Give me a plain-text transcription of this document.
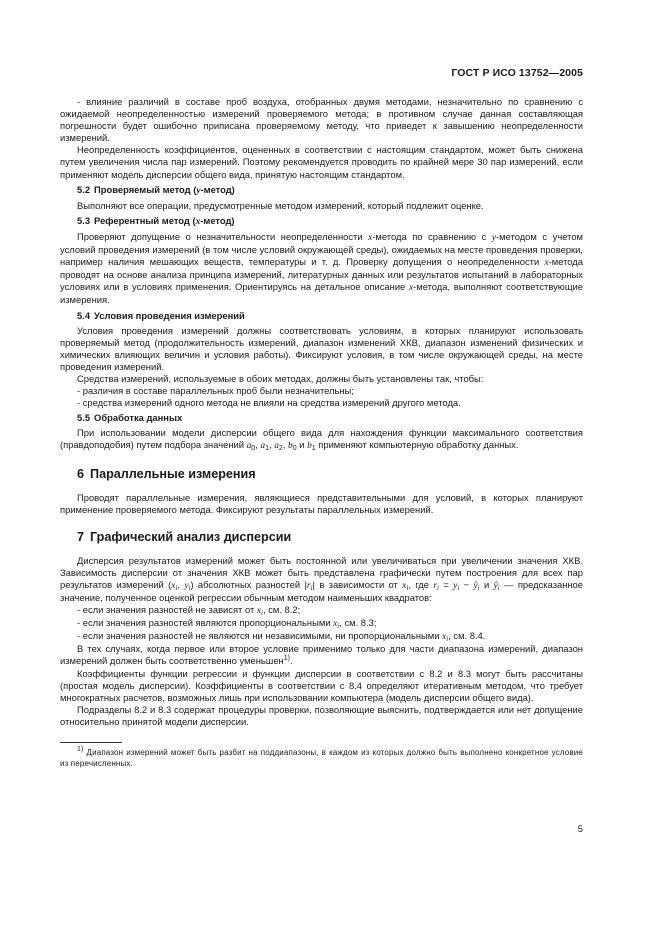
ГОСТ Р ИСО 13752—2005

- влияние различий в составе проб воздуха, отобранных двумя методами, незначительно по сравнению с ожидаемой неопределенностью измерений проверяемого метода; в противном случае данная составляющая погрешности будет ошибочно приписана проверяемому методу, что приведет к завышению неопределенности измерений.

Неопределенность коэффициентов, оцененных в соответствии с настоящим стандартом, может быть снижена путем увеличения числа пар измерений. Поэтому рекомендуется проводить по крайней мере 30 пар измерений, если применяют модель дисперсии общего вида, принятую настоящим стандартом.

5.2 Проверяемый метод (y-метод)

Выполняют все операции, предусмотренные методом измерений, который подлежит оценке.

5.3 Референтный метод (x-метод)

Проверяют допущение о незначительности неопределенности x-метода по сравнению с y-методом с учетом условий проведения измерений (в том числе условий окружающей среды), ожидаемых на месте проведения проверки, например наличия мешающих веществ, температуры и т. д. Проверку допущения о неопределенности x-метода проводят на основе анализа принципа измерений, литературных данных или результатов испытаний в лабораторных условиях или в условиях применения. Ориентируясь на детальное описание x-метода, выполняют соответствующие измерения.

5.4 Условия проведения измерений

Условия проведения измерений должны соответствовать условиям, в которых планируют использовать проверяемый метод (продолжительность измерений, диапазон изменений ХКВ, диапазон изменений физических и химических влияющих величин и условия работы). Фиксируют условия, в том числе окружающей среды, на месте проведения измерений.

Средства измерений, используемые в обоих методах, должны быть установлены так, чтобы:

- различия в составе параллельных проб были незначительны;

- средства измерений одного метода не влияли на средства измерений другого метода.

5.5 Обработка данных

При использовании модели дисперсии общего вида для нахождения функции максимального соответствия (правдоподобия) путем подбора значений $a_0$, $a_1$, $a_2$, $b_0$ и $b_1$ применяют компьютерную обработку данных.

6 Параллельные измерения

Проводят параллельные измерения, являющиеся представительными для условий, в которых планируют применение проверяемого метода. Фиксируют результаты параллельных измерений.

7 Графический анализ дисперсии

Дисперсия результатов измерений может быть постоянной или увеличиваться при увеличении значения ХКВ. Зависимость дисперсии от значения ХКВ может быть представлена графически путем построения для всех пар результатов измерений ($x_i$, $y_i$) абсолютных разностей $|r_i|$ в зависимости от $x_i$, где $r_i = y_i$ − $ŷ_i$ и $ŷ_i$ — предсказанное значение, полученное оценкой регрессии обычным методом наименьших квадратов:

- если значения разностей не зависят от $x_i$, см. 8.2;

- если значения разностей являются пропорциональными $x_i$, см. 8.3;

- если значения разностей не являются ни независимыми, ни пропорциональными $x_i$, см. 8.4.

В тех случаях, когда первое или второе условие применимо только для части диапазона измерений, диапазон измерений должен быть соответственно уменьшен$^{1)}$.

Коэффициенты функции регрессии и функции дисперсии в соответствии с 8.2 и 8.3 могут быть рассчитаны (простая модель дисперсии). Коэффициенты в соответствии с 8.4 определяют итеративным методом, что требует многократных расчетов, возможных лишь при использовании компьютера (модель дисперсии общего вида).

Подразделы 8.2 и 8.3 содержат процедуры проверки, позволяющие выяснить, подтверждается или нет допущение относительно принятой модели дисперсии.

$^{1)}$ Диапазон измерений может быть разбит на поддиапазоны, в каждом из которых должно быть выполнено конкретное условие из перечисленных.
5
